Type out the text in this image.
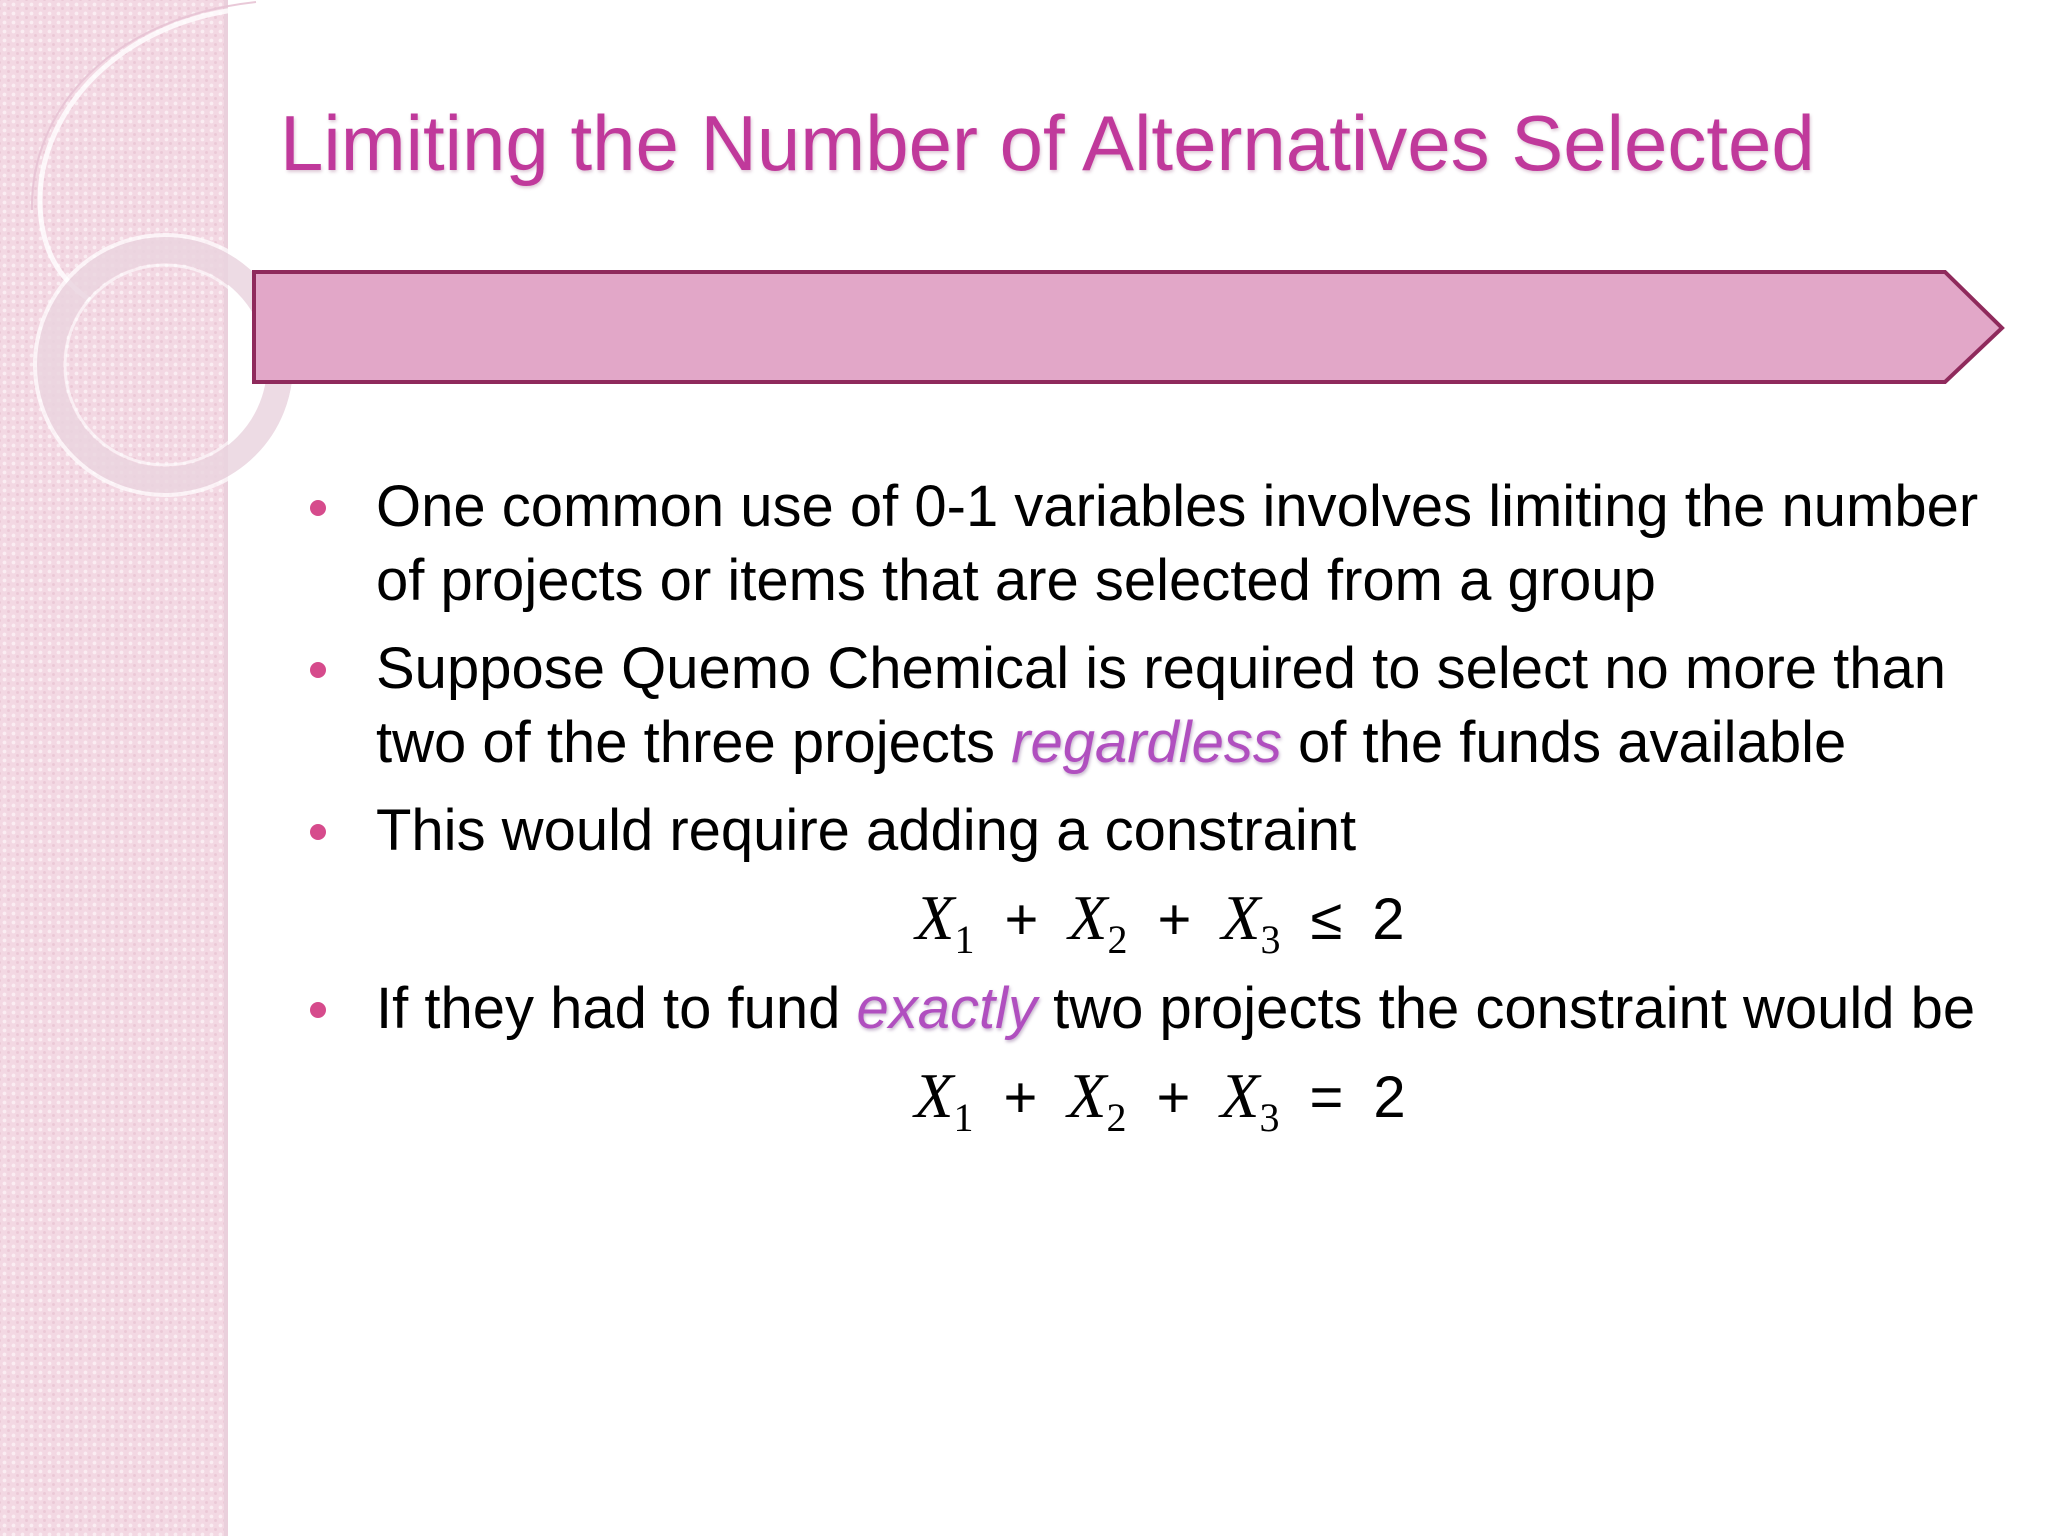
Limiting the Number of Alternatives Selected
One common use of 0-1 variables involves limiting the number of projects or items that are selected from a group
Suppose Quemo Chemical is required to select no more than two of the three projects regardless of the funds available
This would require adding a constraint
$X_1 + X_2 + X_3 \le 2$
If they had to fund exactly two projects the constraint would be
$X_1 + X_2 + X_3 = 2$
